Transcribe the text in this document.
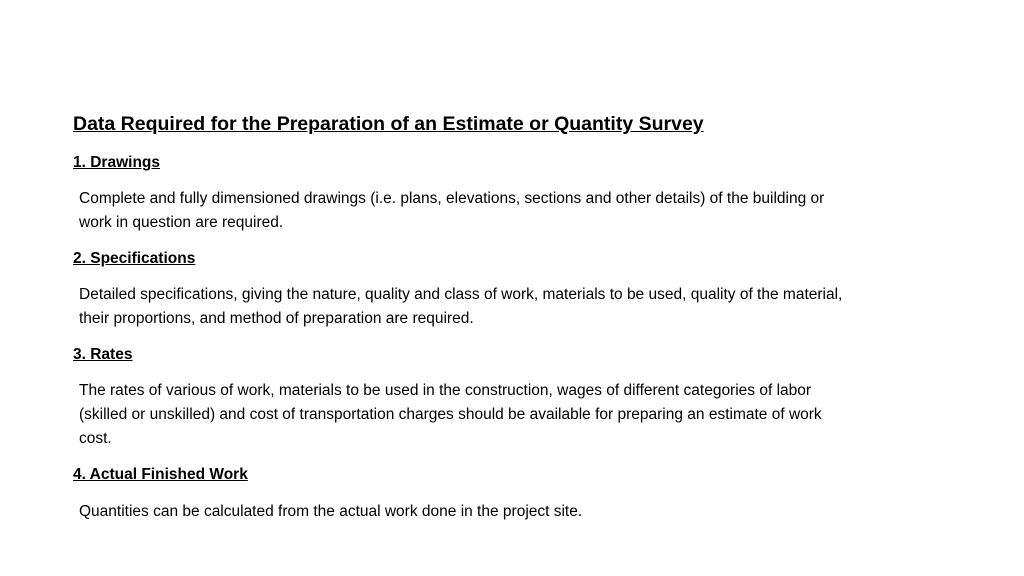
Data Required for the Preparation of an Estimate or Quantity Survey
1. Drawings
Complete and fully dimensioned drawings (i.e. plans, elevations, sections and other details) of the building or work in question are required.
2. Specifications
Detailed specifications, giving the nature, quality and class of work, materials to be used, quality of the material, their proportions, and method of preparation are required.
3. Rates
The rates of various of work, materials to be used in the construction, wages of different categories of labor (skilled or unskilled) and cost of transportation charges should be available for preparing an estimate of work cost.
4. Actual Finished Work
Quantities can be calculated from the actual work done in the project site.
